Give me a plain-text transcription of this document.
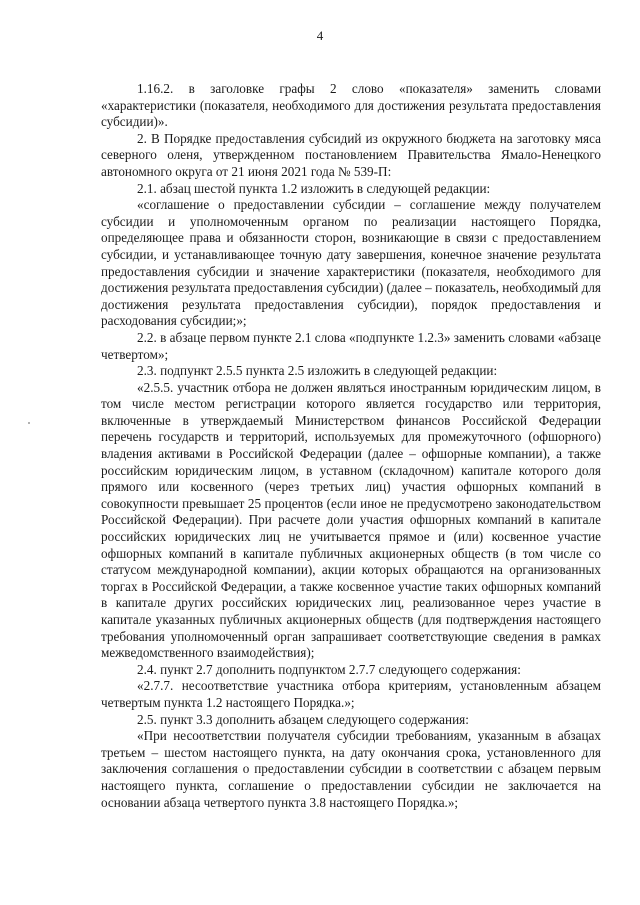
4

1.16.2. в заголовке графы 2 слово «показателя» заменить словами «характеристики (показателя, необходимого для достижения результата предоставления субсидии)».

2. В Порядке предоставления субсидий из окружного бюджета на заготовку мяса северного оленя, утвержденном постановлением Правительства Ямало-Ненецкого автономного округа от 21 июня 2021 года № 539-П:

2.1. абзац шестой пункта 1.2 изложить в следующей редакции:

«соглашение о предоставлении субсидии – соглашение между получателем субсидии и уполномоченным органом по реализации настоящего Порядка, определяющее права и обязанности сторон, возникающие в связи с предоставлением субсидии, и устанавливающее точную дату завершения, конечное значение результата предоставления субсидии и значение характеристики (показателя, необходимого для достижения результата предоставления субсидии) (далее – показатель, необходимый для достижения результата предоставления субсидии), порядок предоставления и расходования субсидии;»;

2.2. в абзаце первом пункте 2.1 слова «подпункте 1.2.3» заменить словами «абзаце четвертом»;

2.3. подпункт 2.5.5 пункта 2.5 изложить в следующей редакции:

«2.5.5. участник отбора не должен являться иностранным юридическим лицом, в том числе местом регистрации которого является государство или территория, включенные в утверждаемый Министерством финансов Российской Федерации перечень государств и территорий, используемых для промежуточного (офшорного) владения активами в Российской Федерации (далее – офшорные компании), а также российским юридическим лицом, в уставном (складочном) капитале которого доля прямого или косвенного (через третьих лиц) участия офшорных компаний в совокупности превышает 25 процентов (если иное не предусмотрено законодательством Российской Федерации). При расчете доли участия офшорных компаний в капитале российских юридических лиц не учитывается прямое и (или) косвенное участие офшорных компаний в капитале публичных акционерных обществ (в том числе со статусом международной компании), акции которых обращаются на организованных торгах в Российской Федерации, а также косвенное участие таких офшорных компаний в капитале других российских юридических лиц, реализованное через участие в капитале указанных публичных акционерных обществ (для подтверждения настоящего требования уполномоченный орган запрашивает соответствующие сведения в рамках межведомственного взаимодействия);

2.4. пункт 2.7 дополнить подпунктом 2.7.7 следующего содержания:

«2.7.7. несоответствие участника отбора критериям, установленным абзацем четвертым пункта 1.2 настоящего Порядка.»;

2.5. пункт 3.3 дополнить абзацем следующего содержания:

«При несоответствии получателя субсидии требованиям, указанным в абзацах третьем – шестом настоящего пункта, на дату окончания срока, установленного для заключения соглашения о предоставлении субсидии в соответствии с абзацем первым настоящего пункта, соглашение о предоставлении субсидии не заключается на основании абзаца четвертого пункта 3.8 настоящего Порядка.»;
